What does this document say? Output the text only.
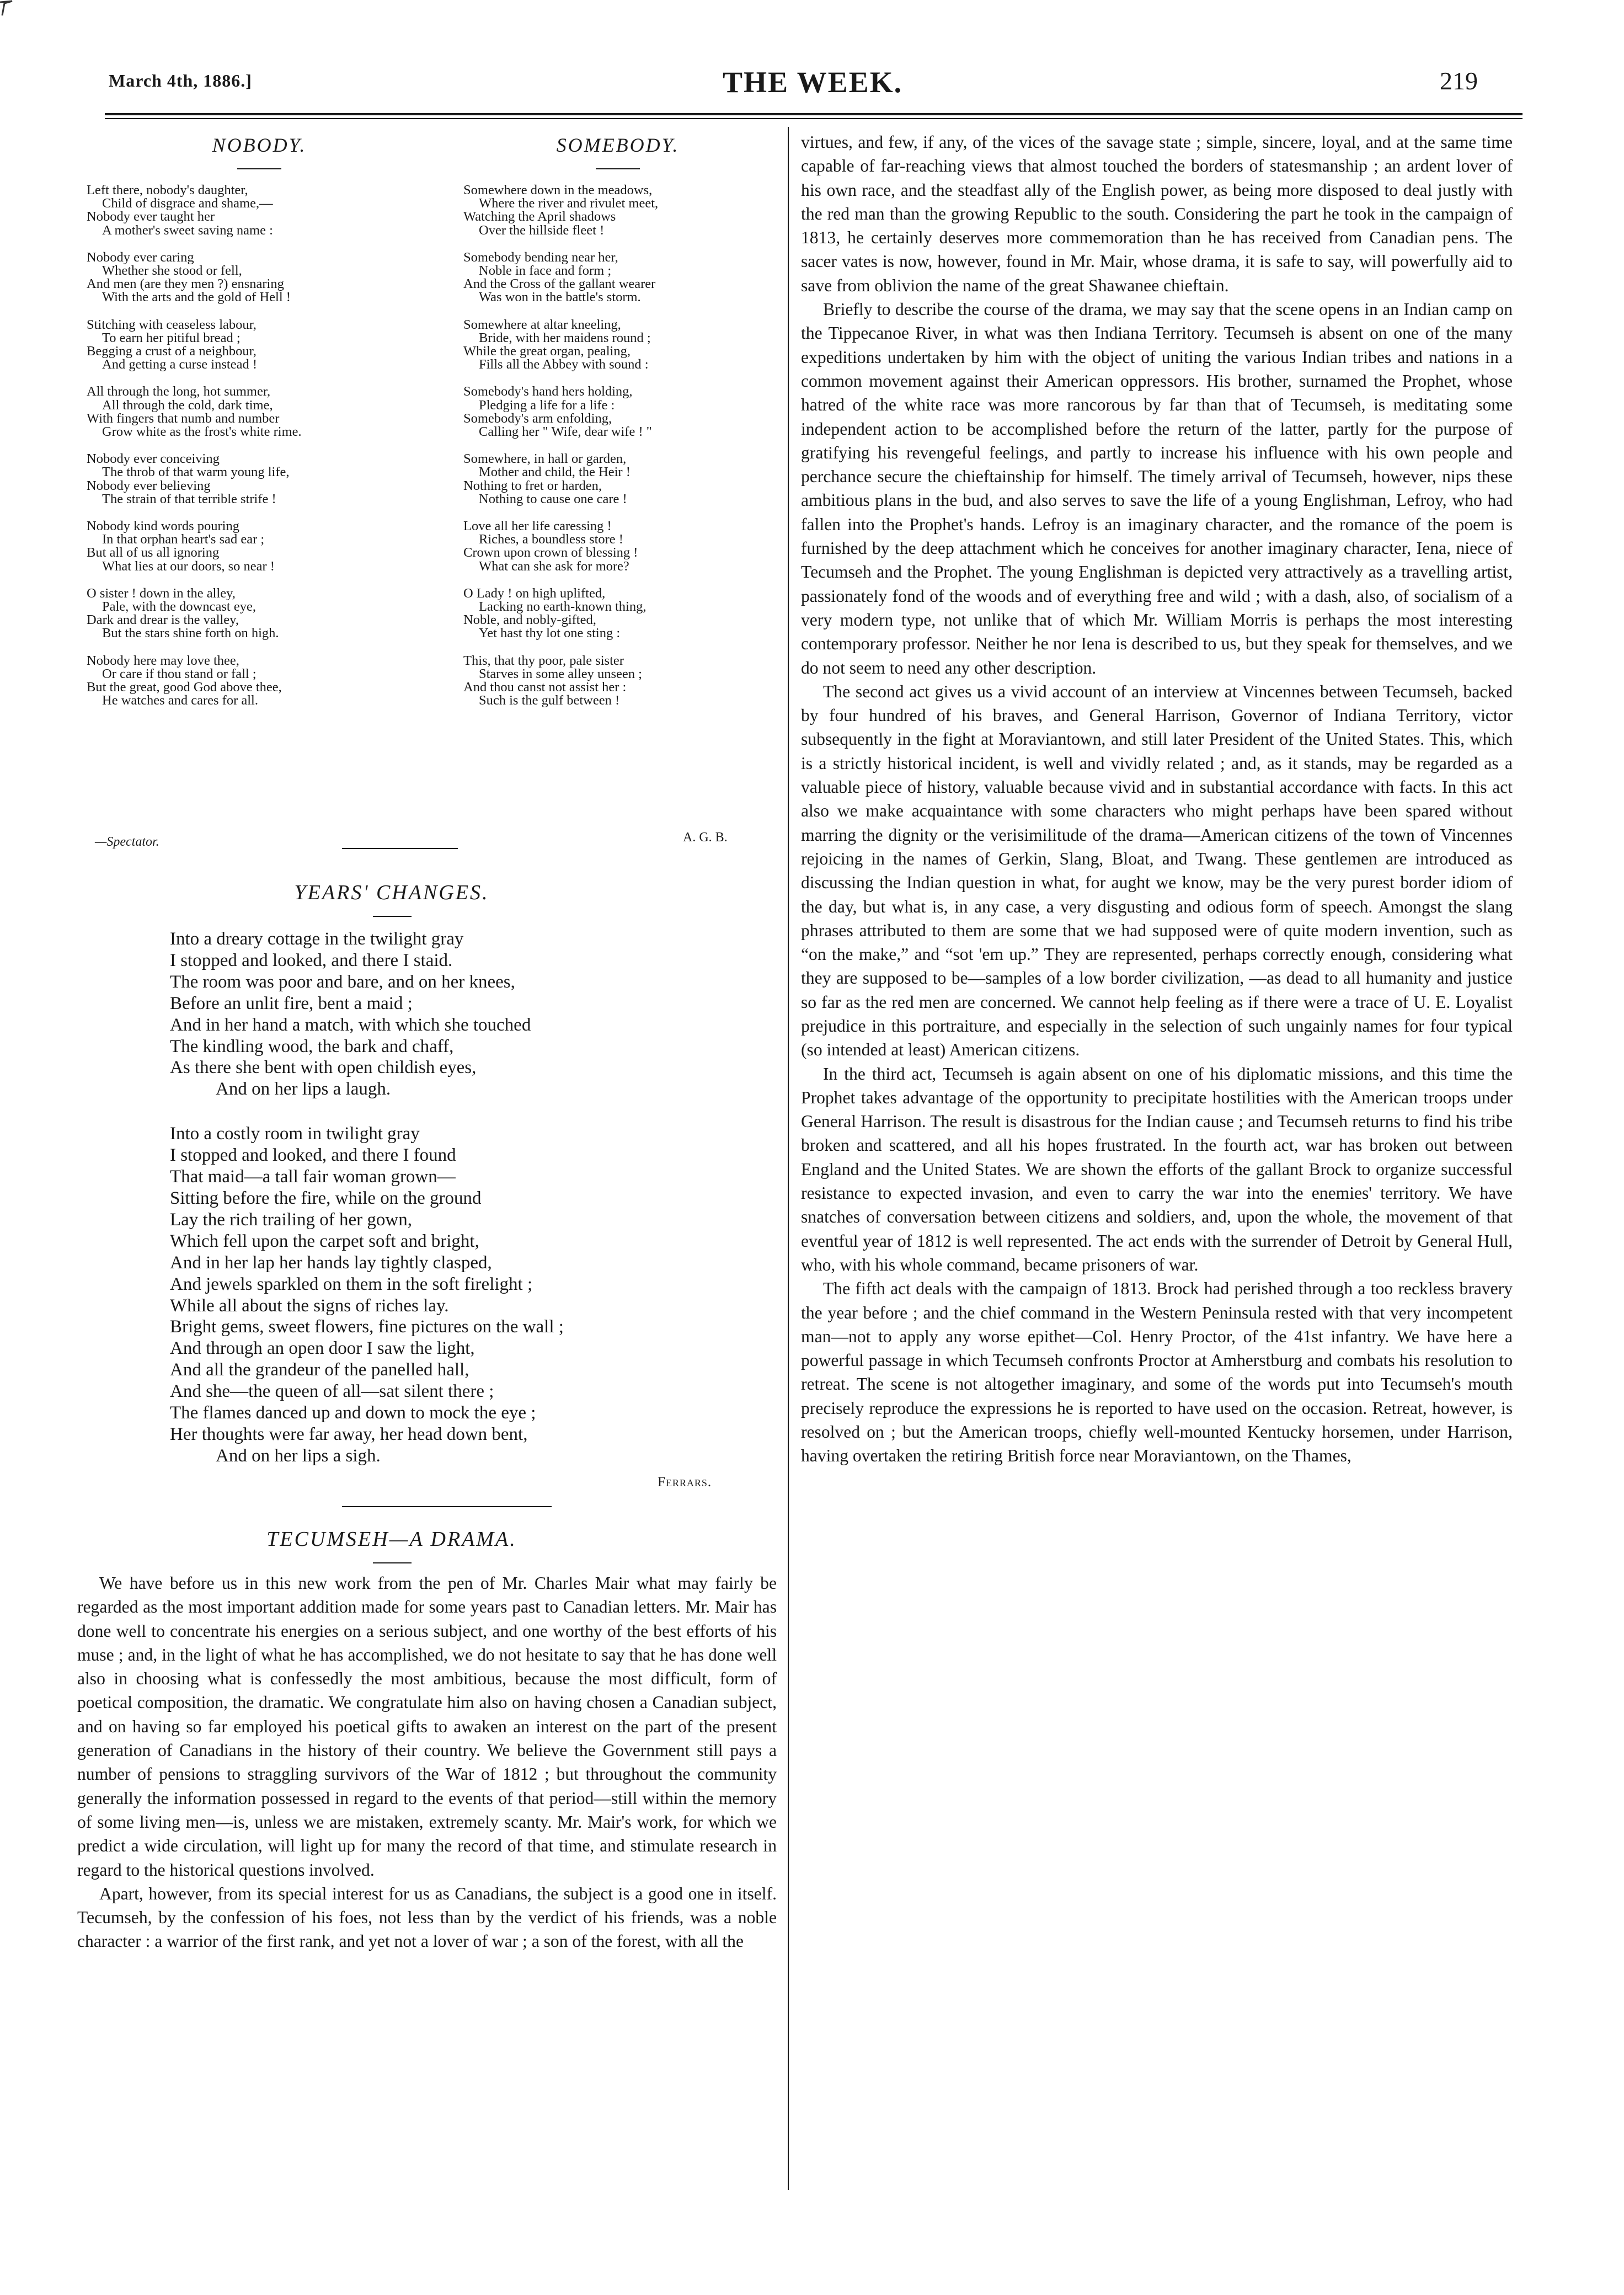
March 4th, 1886.]	THE WEEK.	219
NOBODY.
Left there, nobody's daughter,
Child of disgrace and shame,—
Nobody ever taught her
A mother's sweet saving name :
Nobody ever caring
Whether she stood or fell,
And men (are they men ?) ensnaring
With the arts and the gold of Hell !
Stitching with ceaseless labour,
To earn her pitiful bread ;
Begging a crust of a neighbour,
And getting a curse instead !
All through the long, hot summer,
All through the cold, dark time,
With fingers that numb and number
Grow white as the frost's white rime.
Nobody ever conceiving
The throb of that warm young life,
Nobody ever believing
The strain of that terrible strife !
Nobody kind words pouring
In that orphan heart's sad ear ;
But all of us all ignoring
What lies at our doors, so near !
O sister ! down in the alley,
Pale, with the downcast eye,
Dark and drear is the valley,
But the stars shine forth on high.
Nobody here may love thee,
Or care if thou stand or fall ;
But the great, good God above thee,
He watches and cares for all.
—Spectator.
SOMEBODY.
Somewhere down in the meadows,
Where the river and rivulet meet,
Watching the April shadows
Over the hillside fleet !
Somebody bending near her,
Noble in face and form ;
And the Cross of the gallant wearer
Was won in the battle's storm.
Somewhere at altar kneeling,
Bride, with her maidens round ;
While the great organ, pealing,
Fills all the Abbey with sound :
Somebody's hand hers holding,
Pledging a life for a life :
Somebody's arm enfolding,
Calling her " Wife, dear wife ! "
Somewhere, in hall or garden,
Mother and child, the Heir !
Nothing to fret or harden,
Nothing to cause one care !
Love all her life caressing !
Riches, a boundless store !
Crown upon crown of blessing !
What can she ask for more?
O Lady ! on high uplifted,
Lacking no earth-known thing,
Noble, and nobly-gifted,
Yet hast thy lot one sting :
This, that thy poor, pale sister
Starves in some alley unseen ;
And thou canst not assist her :
Such is the gulf between !
A. G. B.
YEARS' CHANGES.
Into a dreary cottage in the twilight gray
I stopped and looked, and there I staid.
The room was poor and bare, and on her knees,
Before an unlit fire, bent a maid ;
And in her hand a match, with which she touched
The kindling wood, the bark and chaff,
As there she bent with open childish eyes,
And on her lips a laugh.
Into a costly room in twilight gray
I stopped and looked, and there I found
That maid—a tall fair woman grown—
Sitting before the fire, while on the ground
Lay the rich trailing of her gown,
Which fell upon the carpet soft and bright,
And in her lap her hands lay tightly clasped,
And jewels sparkled on them in the soft firelight ;
While all about the signs of riches lay.
Bright gems, sweet flowers, fine pictures on the wall ;
And through an open door I saw the light,
And all the grandeur of the panelled hall,
And she—the queen of all—sat silent there ;
The flames danced up and down to mock the eye ;
Her thoughts were far away, her head down bent,
And on her lips a sigh.
Ferrars.
TECUMSEH—A DRAMA.

We have before us in this new work from the pen of Mr. Charles Mair what may fairly be regarded as the most important addition made for some years past to Canadian letters. Mr. Mair has done well to concentrate his energies on a serious subject, and one worthy of the best efforts of his muse ; and, in the light of what he has accomplished, we do not hesitate to say that he has done well also in choosing what is confessedly the most ambitious, because the most difficult, form of poetical composition, the dramatic. We congratulate him also on having chosen a Canadian subject, and on having so far employed his poetical gifts to awaken an interest on the part of the present generation of Canadians in the history of their country. We believe the Government still pays a number of pensions to straggling survivors of the War of 1812 ; but throughout the community generally the information possessed in regard to the events of that period—still within the memory of some living men—is, unless we are mistaken, extremely scanty. Mr. Mair's work, for which we predict a wide circulation, will light up for many the record of that time, and stimulate research in regard to the historical questions involved.

Apart, however, from its special interest for us as Canadians, the subject is a good one in itself. Tecumseh, by the confession of his foes, not less than by the verdict of his friends, was a noble character : a warrior of the first rank, and yet not a lover of war ; a son of the forest, with all the

virtues, and few, if any, of the vices of the savage state ; simple, sincere, loyal, and at the same time capable of far-reaching views that almost touched the borders of statesmanship ; an ardent lover of his own race, and the steadfast ally of the English power, as being more disposed to deal justly with the red man than the growing Republic to the south. Considering the part he took in the campaign of 1813, he certainly deserves more commemoration than he has received from Canadian pens. The sacer vates is now, however, found in Mr. Mair, whose drama, it is safe to say, will powerfully aid to save from oblivion the name of the great Shawanee chieftain.

Briefly to describe the course of the drama, we may say that the scene opens in an Indian camp on the Tippecanoe River, in what was then Indiana Territory. Tecumseh is absent on one of the many expeditions undertaken by him with the object of uniting the various Indian tribes and nations in a common movement against their American oppressors. His brother, surnamed the Prophet, whose hatred of the white race was more rancorous by far than that of Tecumseh, is meditating some independent action to be accomplished before the return of the latter, partly for the purpose of gratifying his revengeful feelings, and partly to increase his influence with his own people and perchance secure the chieftainship for himself. The timely arrival of Tecumseh, however, nips these ambitious plans in the bud, and also serves to save the life of a young Englishman, Lefroy, who had fallen into the Prophet's hands. Lefroy is an imaginary character, and the romance of the poem is furnished by the deep attachment which he conceives for another imaginary character, Iena, niece of Tecumseh and the Prophet. The young Englishman is depicted very attractively as a travelling artist, passionately fond of the woods and of everything free and wild ; with a dash, also, of socialism of a very modern type, not unlike that of which Mr. William Morris is perhaps the most interesting contemporary professor. Neither he nor Iena is described to us, but they speak for themselves, and we do not seem to need any other description.

The second act gives us a vivid account of an interview at Vincennes between Tecumseh, backed by four hundred of his braves, and General Harrison, Governor of Indiana Territory, victor subsequently in the fight at Moraviantown, and still later President of the United States. This, which is a strictly historical incident, is well and vividly related ; and, as it stands, may be regarded as a valuable piece of history, valuable because vivid and in substantial accordance with facts. In this act also we make acquaintance with some characters who might perhaps have been spared without marring the dignity or the verisimilitude of the drama—American citizens of the town of Vincennes rejoicing in the names of Gerkin, Slang, Bloat, and Twang. These gentlemen are introduced as discussing the Indian question in what, for aught we know, may be the very purest border idiom of the day, but what is, in any case, a very disgusting and odious form of speech. Amongst the slang phrases attributed to them are some that we had supposed were of quite modern invention, such as “on the make,” and “sot 'em up.” They are represented, perhaps correctly enough, considering what they are supposed to be—samples of a low border civilization, —as dead to all humanity and justice so far as the red men are concerned. We cannot help feeling as if there were a trace of U. E. Loyalist prejudice in this portraiture, and especially in the selection of such ungainly names for four typical (so intended at least) American citizens.

In the third act, Tecumseh is again absent on one of his diplomatic missions, and this time the Prophet takes advantage of the opportunity to precipitate hostilities with the American troops under General Harrison. The result is disastrous for the Indian cause ; and Tecumseh returns to find his tribe broken and scattered, and all his hopes frustrated. In the fourth act, war has broken out between England and the United States. We are shown the efforts of the gallant Brock to organize successful resistance to expected invasion, and even to carry the war into the enemies' territory. We have snatches of conversation between citizens and soldiers, and, upon the whole, the movement of that eventful year of 1812 is well represented. The act ends with the surrender of Detroit by General Hull, who, with his whole command, became prisoners of war.

The fifth act deals with the campaign of 1813. Brock had perished through a too reckless bravery the year before ; and the chief command in the Western Peninsula rested with that very incompetent man—not to apply any worse epithet—Col. Henry Proctor, of the 41st infantry. We have here a powerful passage in which Tecumseh confronts Proctor at Amherstburg and combats his resolution to retreat. The scene is not altogether imaginary, and some of the words put into Tecumseh's mouth precisely reproduce the expressions he is reported to have used on the occasion. Retreat, however, is resolved on ; but the American troops, chiefly well-mounted Kentucky horsemen, under Harrison, having overtaken the retiring British force near Moraviantown, on the Thames,
